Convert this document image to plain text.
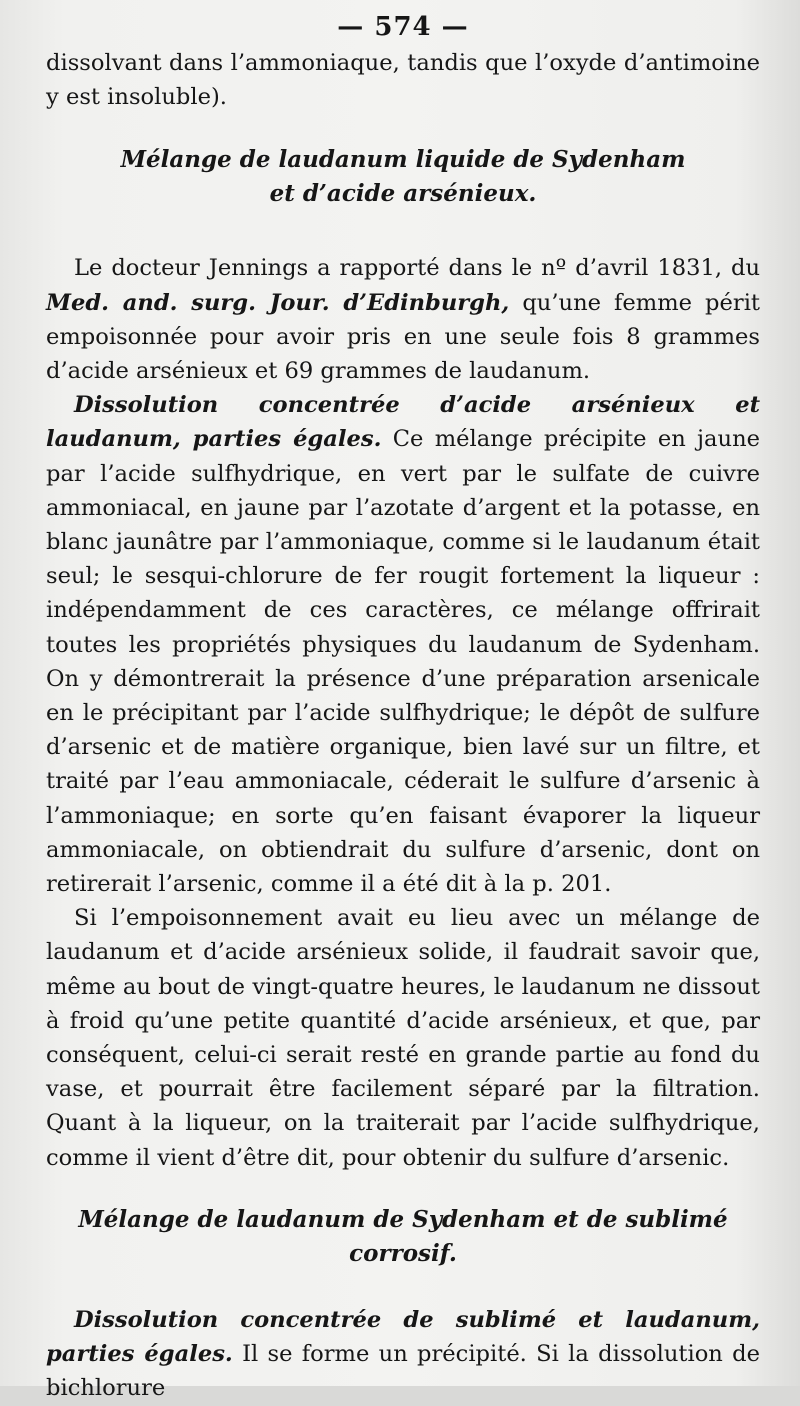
— 574 —

dissolvant dans l’ammoniaque, tandis que l’oxyde d’antimoine y est insoluble).

Mélange de laudanum liquide de Sydenham et d’acide arsénieux.

Le docteur Jennings a rapporté dans le nº d’avril 1831, du Med. and. surg. Jour. d’Edinburgh, qu’une femme périt empoisonnée pour avoir pris en une seule fois 8 grammes d’acide arsénieux et 69 grammes de laudanum.

Dissolution concentrée d’acide arsénieux et laudanum, parties égales. Ce mélange précipite en jaune par l’acide sulfhydrique, en vert par le sulfate de cuivre ammoniacal, en jaune par l’azotate d’argent et la potasse, en blanc jaunâtre par l’ammoniaque, comme si le laudanum était seul; le sesqui-chlorure de fer rougit fortement la liqueur : indépendamment de ces caractères, ce mélange offrirait toutes les propriétés physiques du laudanum de Sydenham. On y démontrerait la présence d’une préparation arsenicale en le précipitant par l’acide sulfhydrique; le dépôt de sulfure d’arsenic et de matière organique, bien lavé sur un filtre, et traité par l’eau ammoniacale, céderait le sulfure d’arsenic à l’ammoniaque; en sorte qu’en faisant évaporer la liqueur ammoniacale, on obtiendrait du sulfure d’arsenic, dont on retirerait l’arsenic, comme il a été dit à la p. 201.

Si l’empoisonnement avait eu lieu avec un mélange de laudanum et d’acide arsénieux solide, il faudrait savoir que, même au bout de vingt-quatre heures, le laudanum ne dissout à froid qu’une petite quantité d’acide arsénieux, et que, par conséquent, celui-ci serait resté en grande partie au fond du vase, et pourrait être facilement séparé par la filtration. Quant à la liqueur, on la traiterait par l’acide sulfhydrique, comme il vient d’être dit, pour obtenir du sulfure d’arsenic.

Mélange de laudanum de Sydenham et de sublimé corrosif.

Dissolution concentrée de sublimé et laudanum, parties égales. Il se forme un précipité. Si la dissolution de bichlorure
